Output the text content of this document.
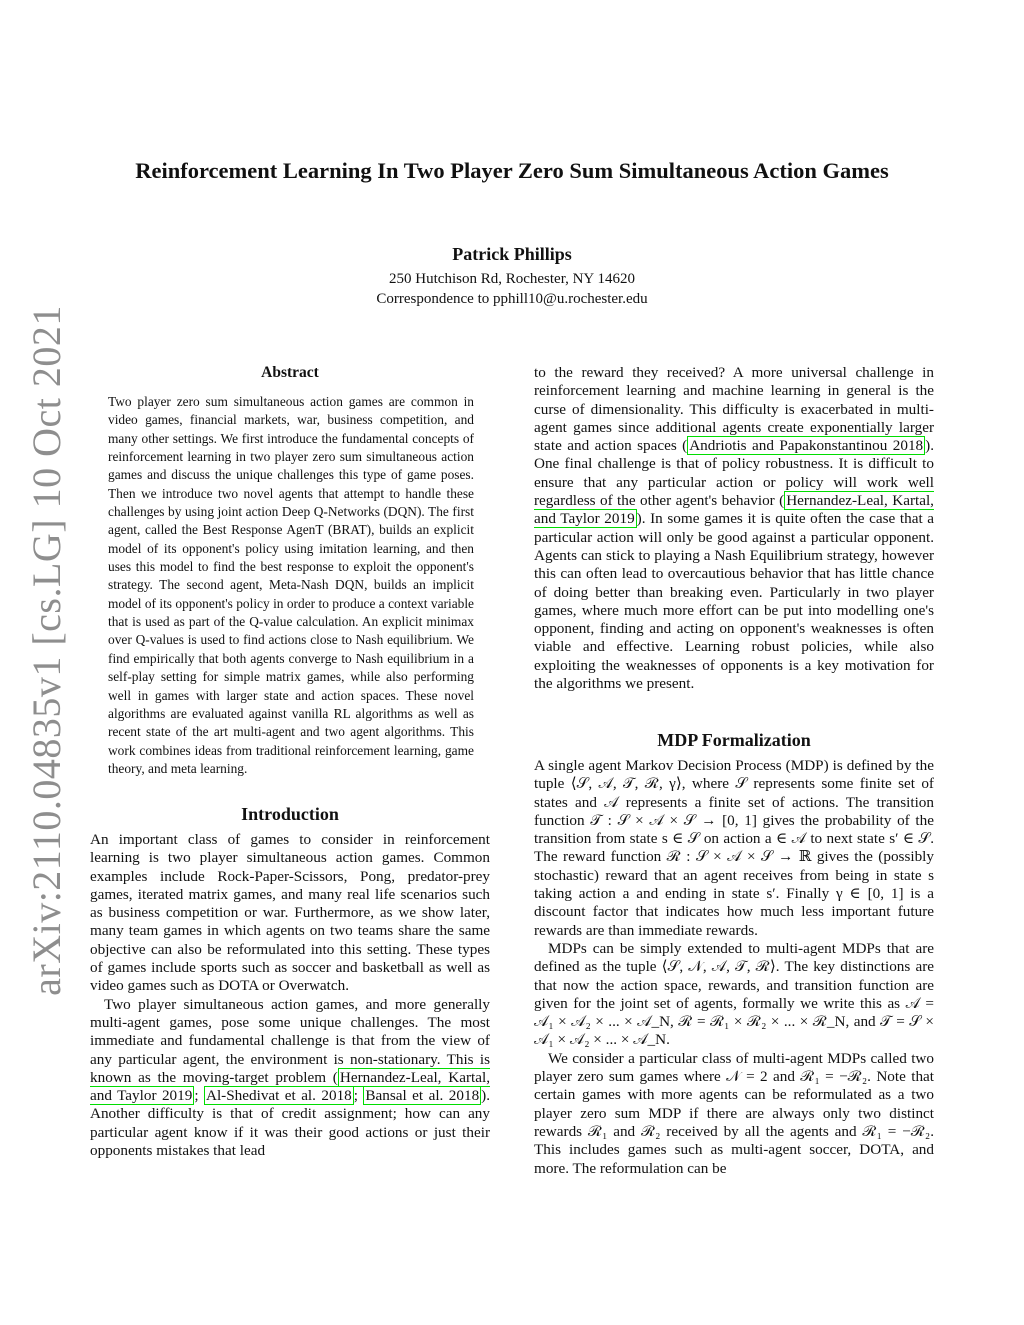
arXiv:2110.04835v1 [cs.LG] 10 Oct 2021
Reinforcement Learning In Two Player Zero Sum Simultaneous Action Games
Patrick Phillips
250 Hutchison Rd, Rochester, NY 14620
Correspondence to pphill10@u.rochester.edu
Abstract

Two player zero sum simultaneous action games are common in video games, financial markets, war, business competition, and many other settings. We first introduce the fundamental concepts of reinforcement learning in two player zero sum simultaneous action games and discuss the unique challenges this type of game poses. Then we introduce two novel agents that attempt to handle these challenges by using joint action Deep Q-Networks (DQN). The first agent, called the Best Response AgenT (BRAT), builds an explicit model of its opponent's policy using imitation learning, and then uses this model to find the best response to exploit the opponent's strategy. The second agent, Meta-Nash DQN, builds an implicit model of its opponent's policy in order to produce a context variable that is used as part of the Q-value calculation. An explicit minimax over Q-values is used to find actions close to Nash equilibrium. We find empirically that both agents converge to Nash equilibrium in a self-play setting for simple matrix games, while also performing well in games with larger state and action spaces. These novel algorithms are evaluated against vanilla RL algorithms as well as recent state of the art multi-agent and two agent algorithms. This work combines ideas from traditional reinforcement learning, game theory, and meta learning.

Introduction

An important class of games to consider in reinforcement learning is two player simultaneous action games. Common examples include Rock-Paper-Scissors, Pong, predator-prey games, iterated matrix games, and many real life scenarios such as business competition or war. Furthermore, as we show later, many team games in which agents on two teams share the same objective can also be reformulated into this setting. These types of games include sports such as soccer and basketball as well as video games such as DOTA or Overwatch.

Two player simultaneous action games, and more generally multi-agent games, pose some unique challenges. The most immediate and fundamental challenge is that from the view of any particular agent, the environment is non-stationary. This is known as the moving-target problem ( Hernandez-Leal, Kartal, and Taylor 2019 ; Al-Shedivat et al. 2018 ; Bansal et al. 2018 ). Another difficulty is that of credit assignment; how can any particular agent know if it was their good actions or just their opponents mistakes that lead

to the reward they received? A more universal challenge in reinforcement learning and machine learning in general is the curse of dimensionality. This difficulty is exacerbated in multi-agent games since additional agents create exponentially larger state and action spaces ( Andriotis and Papakonstantinou 2018 ). One final challenge is that of policy robustness. It is difficult to ensure that any particular action or policy will work well regardless of the other agent's behavior ( Hernandez-Leal, Kartal, and Taylor 2019 ). In some games it is quite often the case that a particular action will only be good against a particular opponent. Agents can stick to playing a Nash Equilibrium strategy, however this can often lead to overcautious behavior that has little chance of doing better than breaking even. Particularly in two player games, where much more effort can be put into modelling one's opponent, finding and acting on opponent's weaknesses is often viable and effective. Learning robust policies, while also exploiting the weaknesses of opponents is a key motivation for the algorithms we present.

MDP Formalization

A single agent Markov Decision Process (MDP) is defined by the tuple ⟨𝒮, 𝒜, 𝒯, ℛ, γ⟩, where 𝒮 represents some finite set of states and 𝒜 represents a finite set of actions. The transition function 𝒯 : 𝒮 × 𝒜 × 𝒮 → [0, 1] gives the probability of the transition from state s ∈ 𝒮 on action a ∈ 𝒜 to next state s′ ∈ 𝒮. The reward function ℛ : 𝒮 × 𝒜 × 𝒮 → ℝ gives the (possibly stochastic) reward that an agent receives from being in state s taking action a and ending in state s′. Finally γ ∈ [0, 1] is a discount factor that indicates how much less important future rewards are than immediate rewards.

MDPs can be simply extended to multi-agent MDPs that are defined as the tuple ⟨𝒮, 𝒩, 𝒜, 𝒯, ℛ⟩. The key distinctions are that now the action space, rewards, and transition function are given for the joint set of agents, formally we write this as 𝒜 = 𝒜₁ × 𝒜₂ × ... × 𝒜_N, ℛ = ℛ₁ × ℛ₂ × ... × ℛ_N, and 𝒯 = 𝒮 × 𝒜₁ × 𝒜₂ × ... × 𝒜_N.

We consider a particular class of multi-agent MDPs called two player zero sum games where 𝒩 = 2 and ℛ₁ = −ℛ₂. Note that certain games with more agents can be reformulated as a two player zero sum MDP if there are always only two distinct rewards ℛ₁ and ℛ₂ received by all the agents and ℛ₁ = −ℛ₂. This includes games such as multi-agent soccer, DOTA, and more. The reformulation can be
